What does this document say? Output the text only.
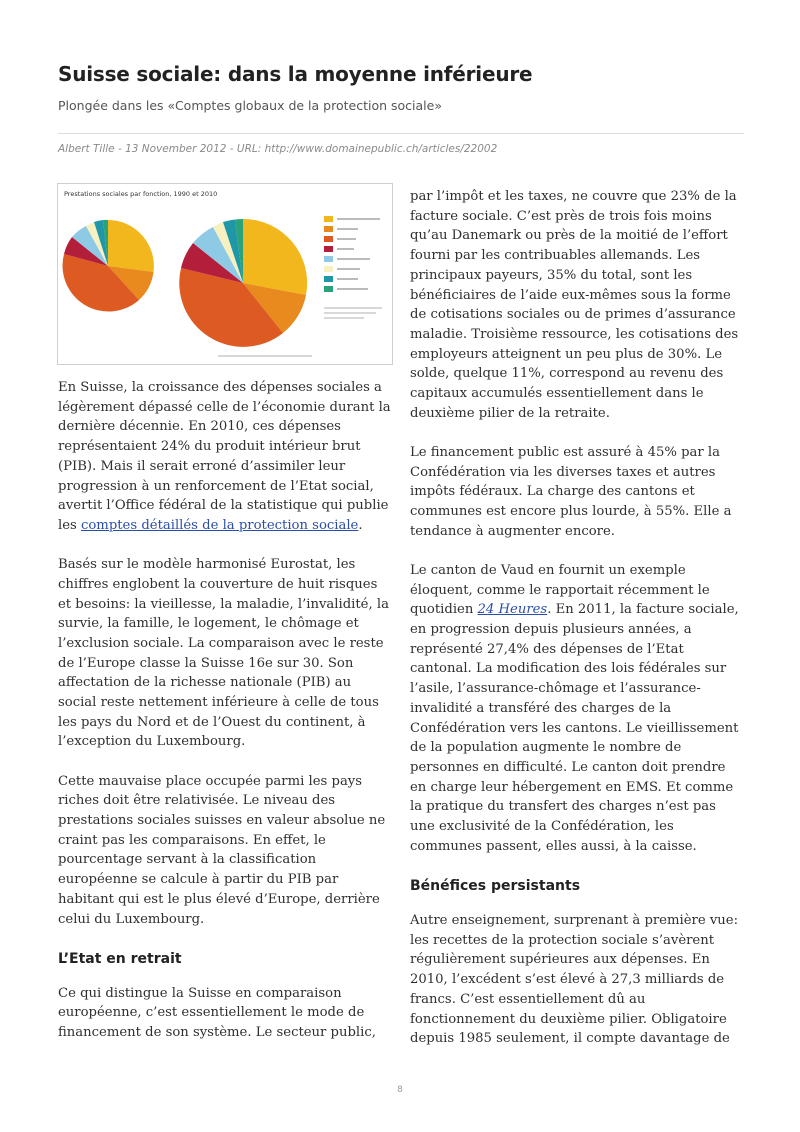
Suisse sociale: dans la moyenne inférieure
Plongée dans les «Comptes globaux de la protection sociale»
Albert Tille - 13 November 2012 - URL: http://www.domainepublic.ch/articles/22002
Prestations sociales par fonction, 1990 et 2010

En Suisse, la croissance des dépenses sociales a légèrement dépassé celle de l’économie durant la dernière décennie. En 2010, ces dépenses représentaient 24% du produit intérieur brut (PIB). Mais il serait erroné d’assimiler leur progression à un renforcement de l’Etat social, avertit l’Office fédéral de la statistique qui publie les comptes détaillés de la protection sociale.

Basés sur le modèle harmonisé Eurostat, les chiffres englobent la couverture de huit risques et besoins: la vieillesse, la maladie, l’invalidité, la survie, la famille, le logement, le chômage et l’exclusion sociale. La comparaison avec le reste de l’Europe classe la Suisse 16e sur 30. Son affectation de la richesse nationale (PIB) au social reste nettement inférieure à celle de tous les pays du Nord et de l’Ouest du continent, à l’exception du Luxembourg.

Cette mauvaise place occupée parmi les pays riches doit être relativisée. Le niveau des prestations sociales suisses en valeur absolue ne craint pas les comparaisons. En effet, le pourcentage servant à la classification européenne se calcule à partir du PIB par habitant qui est le plus élevé d’Europe, derrière celui du Luxembourg.

L’Etat en retrait

Ce qui distingue la Suisse en comparaison européenne, c’est essentiellement le mode de financement de son système. Le secteur public,

par l’impôt et les taxes, ne couvre que 23% de la facture sociale. C’est près de trois fois moins qu’au Danemark ou près de la moitié de l’effort fourni par les contribuables allemands. Les principaux payeurs, 35% du total, sont les bénéficiaires de l’aide eux-mêmes sous la forme de cotisations sociales ou de primes d’assurance maladie. Troisième ressource, les cotisations des employeurs atteignent un peu plus de 30%. Le solde, quelque 11%, correspond au revenu des capitaux accumulés essentiellement dans le deuxième pilier de la retraite.

Le financement public est assuré à 45% par la Confédération via les diverses taxes et autres impôts fédéraux. La charge des cantons et communes est encore plus lourde, à 55%. Elle a tendance à augmenter encore.

Le canton de Vaud en fournit un exemple éloquent, comme le rapportait récemment le quotidien 24 Heures. En 2011, la facture sociale, en progression depuis plusieurs années, a représenté 27,4% des dépenses de l’Etat cantonal. La modification des lois fédérales sur l’asile, l’assurance-chômage et l’assurance-invalidité a transféré des charges de la Confédération vers les cantons. Le vieillissement de la population augmente le nombre de personnes en difficulté. Le canton doit prendre en charge leur hébergement en EMS. Et comme la pratique du transfert des charges n’est pas une exclusivité de la Confédération, les communes passent, elles aussi, à la caisse.

Bénéfices persistants

Autre enseignement, surprenant à première vue: les recettes de la protection sociale s’avèrent régulièrement supérieures aux dépenses. En 2010, l’excédent s’est élevé à 27,3 milliards de francs. C’est essentiellement dû au fonctionnement du deuxième pilier. Obligatoire depuis 1985 seulement, il compte davantage de

8
